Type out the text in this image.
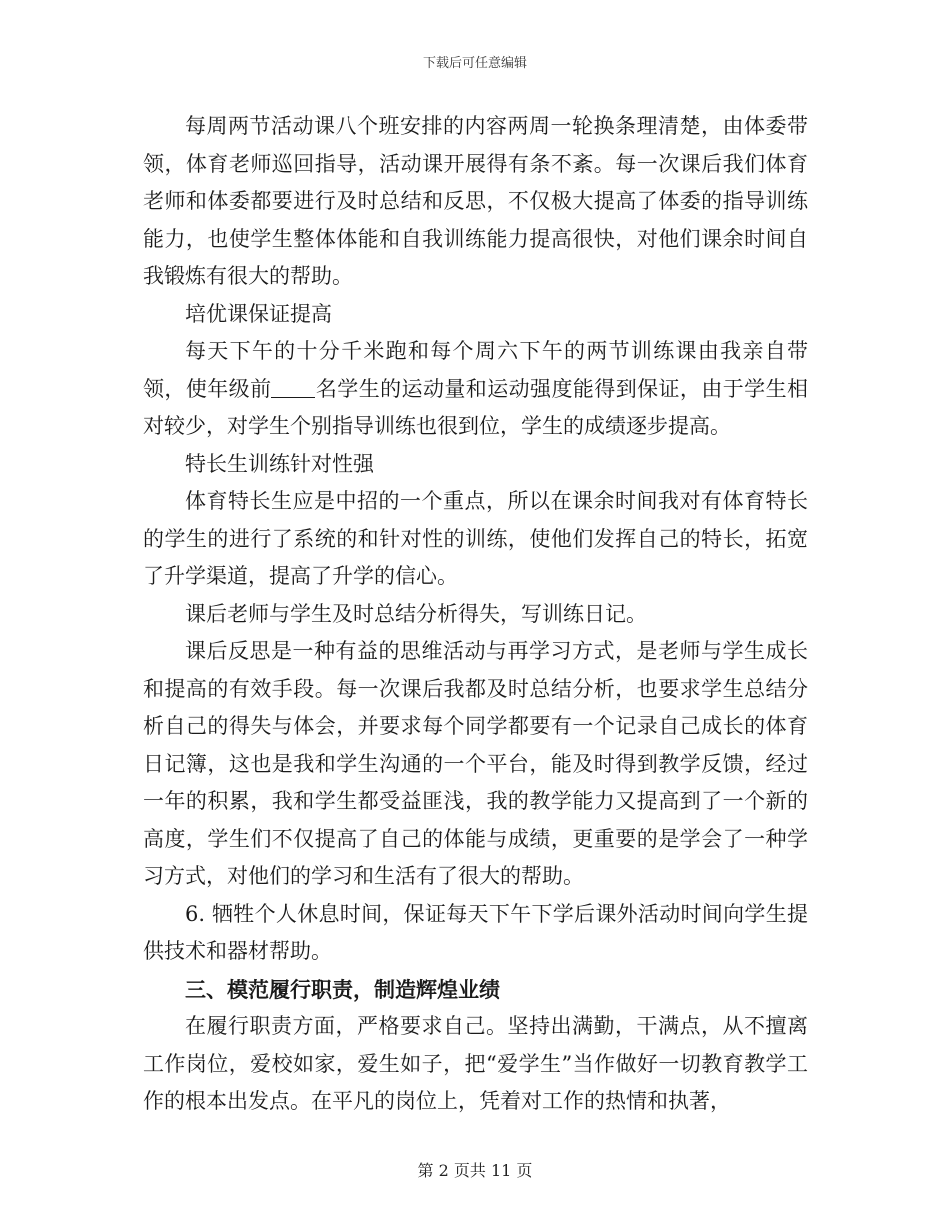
下载后可任意编辑

每周两节活动课八个班安排的内容两周一轮换条理清楚，由体委带领，体育老师巡回指导，活动课开展得有条不紊。每一次课后我们体育老师和体委都要进行及时总结和反思，不仅极大提高了体委的指导训练能力，也使学生整体体能和自我训练能力提高很快，对他们课余时间自我锻炼有很大的帮助。

培优课保证提高

每天下午的十分千米跑和每个周六下午的两节训练课由我亲自带领，使年级前 名学生的运动量和运动强度能得到保证，由于学生相对较少，对学生个别指导训练也很到位，学生的成绩逐步提高。

特长生训练针对性强

体育特长生应是中招的一个重点，所以在课余时间我对有体育特长的学生的进行了系统的和针对性的训练，使他们发挥自己的特长，拓宽了升学渠道，提高了升学的信心。

课后老师与学生及时总结分析得失，写训练日记。

课后反思是一种有益的思维活动与再学习方式，是老师与学生成长和提高的有效手段。每一次课后我都及时总结分析，也要求学生总结分析自己的得失与体会，并要求每个同学都要有一个记录自己成长的体育日记簿，这也是我和学生沟通的一个平台，能及时得到教学反馈，经过一年的积累，我和学生都受益匪浅，我的教学能力又提高到了一个新的高度，学生们不仅提高了自己的体能与成绩，更重要的是学会了一种学习方式，对他们的学习和生活有了很大的帮助。

6. 牺牲个人休息时间，保证每天下午下学后课外活动时间向学生提供技术和器材帮助。

三、模范履行职责，制造辉煌业绩

在履行职责方面，严格要求自己。坚持出满勤，干满点，从不擅离工作岗位，爱校如家，爱生如子，把“爱学生”当作做好一切教育教学工作的根本出发点。在平凡的岗位上，凭着对工作的热情和执著，

第 2 页共 11 页
